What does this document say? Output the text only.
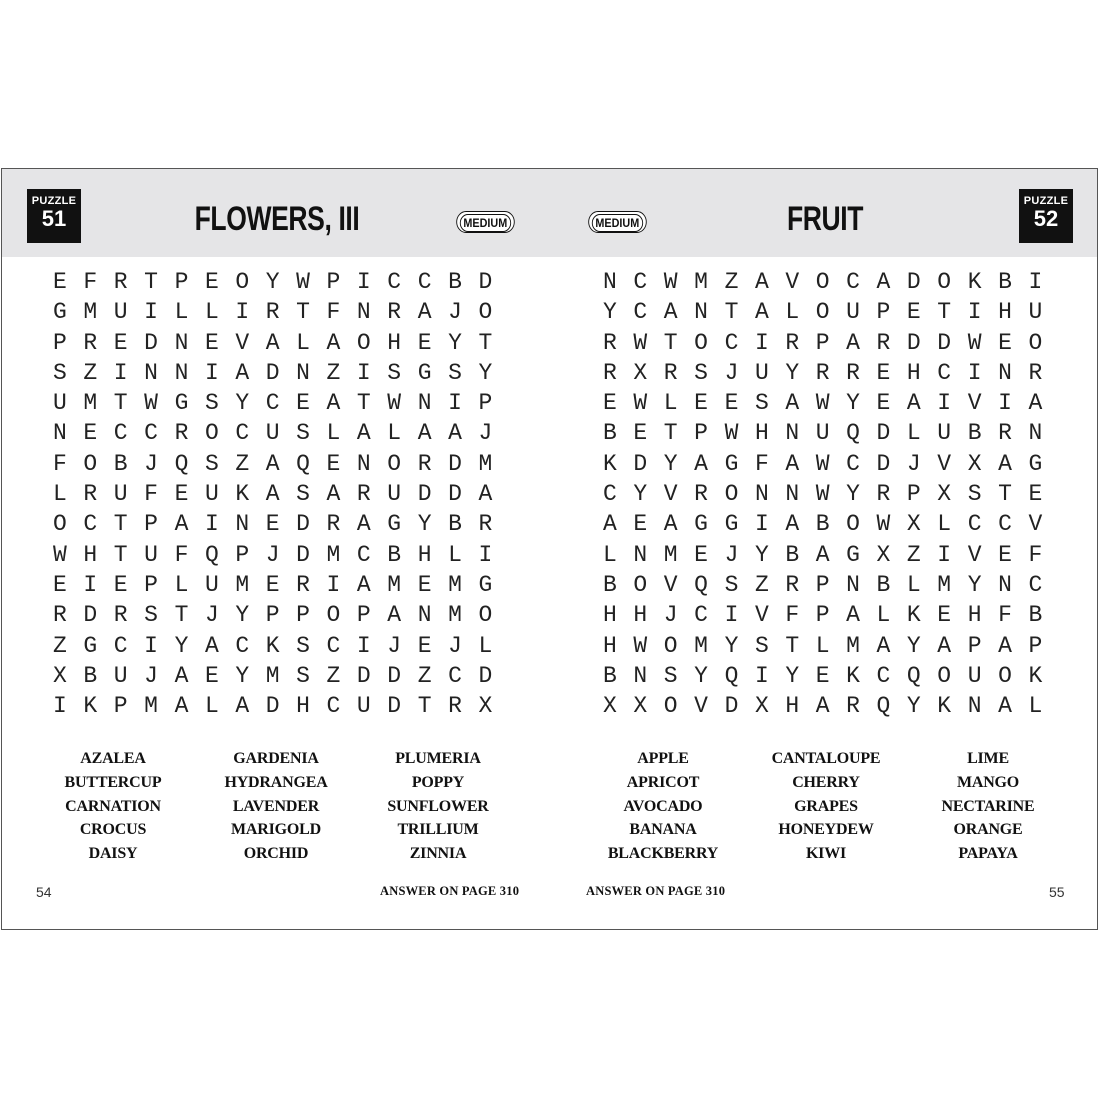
PUZZLE
51	FLOWERS, III	MEDIUM
E F R T P E O Y W P I C C B D
G M U I L L I R T F N R A J O
P R E D N E V A L A O H E Y T
S Z I N N I A D N Z I S G S Y
U M T W G S Y C E A T W N I P
N E C C R O C U S L A L A A J
F O B J Q S Z A Q E N O R D M
L R U F E U K A S A R U D D A
O C T P A I N E D R A G Y B R
W H T U F Q P J D M C B H L I
E I E P L U M E R I A M E M G
R D R S T J Y P P O P A N M O
Z G C I Y A C K S C I J E J L
X B U J A E Y M S Z D D Z C D
I K P M A L A D H C U D T R X
AZALEA
BUTTERCUP
CARNATION
CROCUS
DAISY
GARDENIA
HYDRANGEA
LAVENDER
MARIGOLD
ORCHID
PLUMERIA
POPPY
SUNFLOWER
TRILLIUM
ZINNIA
54	ANSWER ON PAGE 310
MEDIUM	FRUIT	PUZZLE
52
N C W M Z A V O C A D O K B I
Y C A N T A L O U P E T I H U
R W T O C I R P A R D D W E O
R X R S J U Y R R E H C I N R
E W L E E S A W Y E A I V I A
B E T P W H N U Q D L U B R N
K D Y A G F A W C D J V X A G
C Y V R O N N W Y R P X S T E
A E A G G I A B O W X L C C V
L N M E J Y B A G X Z I V E F
B O V Q S Z R P N B L M Y N C
H H J C I V F P A L K E H F B
H W O M Y S T L M A Y A P A P
B N S Y Q I Y E K C Q O U O K
X X O V D X H A R Q Y K N A L
APPLE
APRICOT
AVOCADO
BANANA
BLACKBERRY
CANTALOUPE
CHERRY
GRAPES
HONEYDEW
KIWI
LIME
MANGO
NECTARINE
ORANGE
PAPAYA
ANSWER ON PAGE 310	55
